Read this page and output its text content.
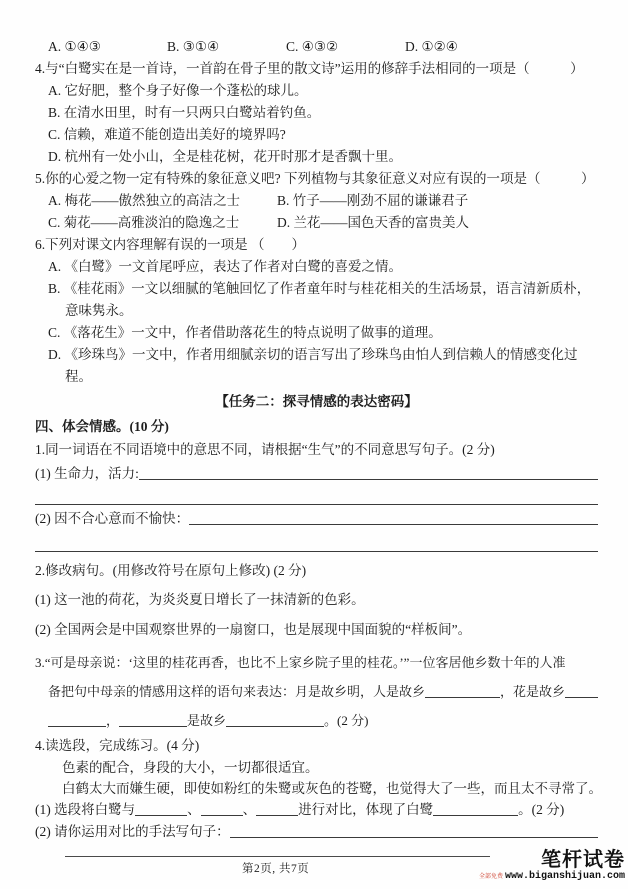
A. ①④③	B. ③①④	C. ④③②	D. ①②④
4.与“白鹭实在是一首诗，一首韵在骨子里的散文诗”运用的修辞手法相同的一项是（　　　）
A. 它好肥，整个身子好像一个蓬松的球儿。
B. 在清水田里，时有一只两只白鹭站着钓鱼。
C. 信赖，难道不能创造出美好的境界吗?
D. 杭州有一处小山，全是桂花树，花开时那才是香飘十里。
5.你的心爱之物一定有特殊的象征意义吧? 下列植物与其象征意义对应有误的一项是（　　　）
A. 梅花——傲然独立的高洁之士	B. 竹子——刚劲不屈的谦谦君子
C. 菊花——高雅淡泊的隐逸之士	D. 兰花——国色天香的富贵美人
6.下列对课文内容理解有误的一项是 （　　）
A. 《白鹭》一文首尾呼应，表达了作者对白鹭的喜爱之情。
B. 《桂花雨》一文以细腻的笔触回忆了作者童年时与桂花相关的生活场景，语言清新质朴，意味隽永。
C. 《落花生》一文中，作者借助落花生的特点说明了做事的道理。
D. 《珍珠鸟》一文中，作者用细腻亲切的语言写出了珍珠鸟由怕人到信赖人的情感变化过程。
【任务二：探寻情感的表达密码】
四、体会情感。(10 分)
1.同一词语在不同语境中的意思不同，请根据“生气”的不同意思写句子。(2 分)
(1) 生命力，活力:
(2) 因不合心意而不愉快：
2.修改病句。(用修改符号在原句上修改) (2 分)
(1) 这一池的荷花，为炎炎夏日增长了一抹清新的色彩。
(2) 全国两会是中国观察世界的一扇窗口，也是展现中国面貌的“样板间”。
3.“可是母亲说：‘这里的桂花再香，也比不上家乡院子里的桂花。’”一位客居他乡数十年的人准
备把句中母亲的情感用这样的语句来表达：月是故乡明，人是故乡	，花是故乡
，	是故乡	。(2 分)
4.读选段，完成练习。(4 分)
色素的配合，身段的大小，一切都很适宜。
白鹤太大而嫌生硬，即使如粉红的朱鹭或灰色的苍鹭，也觉得大了一些，而且太不寻常了。
(1) 选段将白鹭与	、	、	进行对比，体现了白鹭	。(2 分)
(2) 请你运用对比的手法写句子：
第2页, 共7页	笔杆试卷
全部免费 www.biganshijuan.com
